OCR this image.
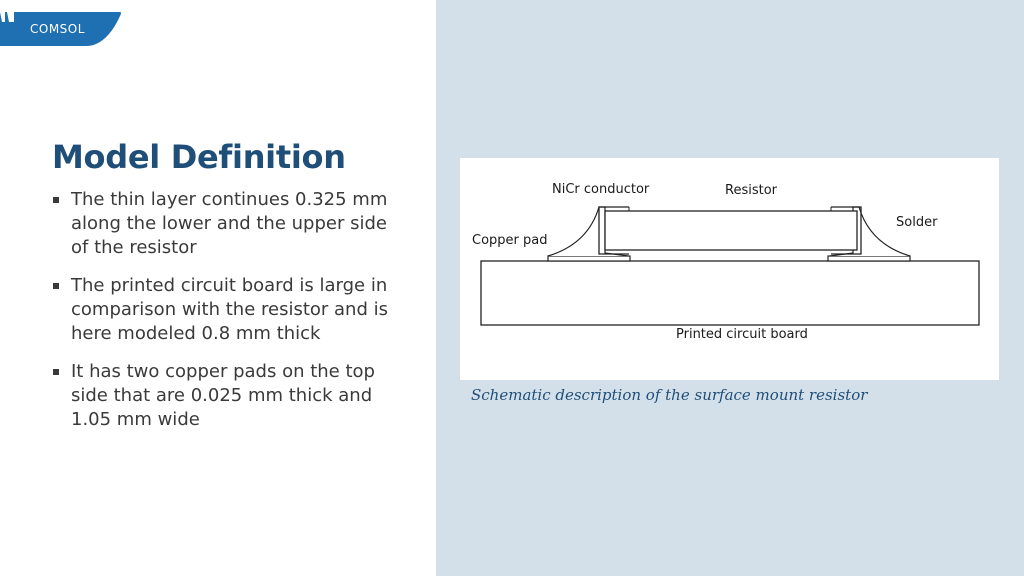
COMSOL
Model Definition
The thin layer continues 0.325 mm along the lower and the upper side of the resistor
The printed circuit board is large in comparison with the resistor and is here modeled 0.8 mm thick
It has two copper pads on the top side that are 0.025 mm thick and 1.05 mm wide
NiCr conductor	Resistor
Solder
Copper pad
Printed circuit board

Schematic description of the surface mount resistor
